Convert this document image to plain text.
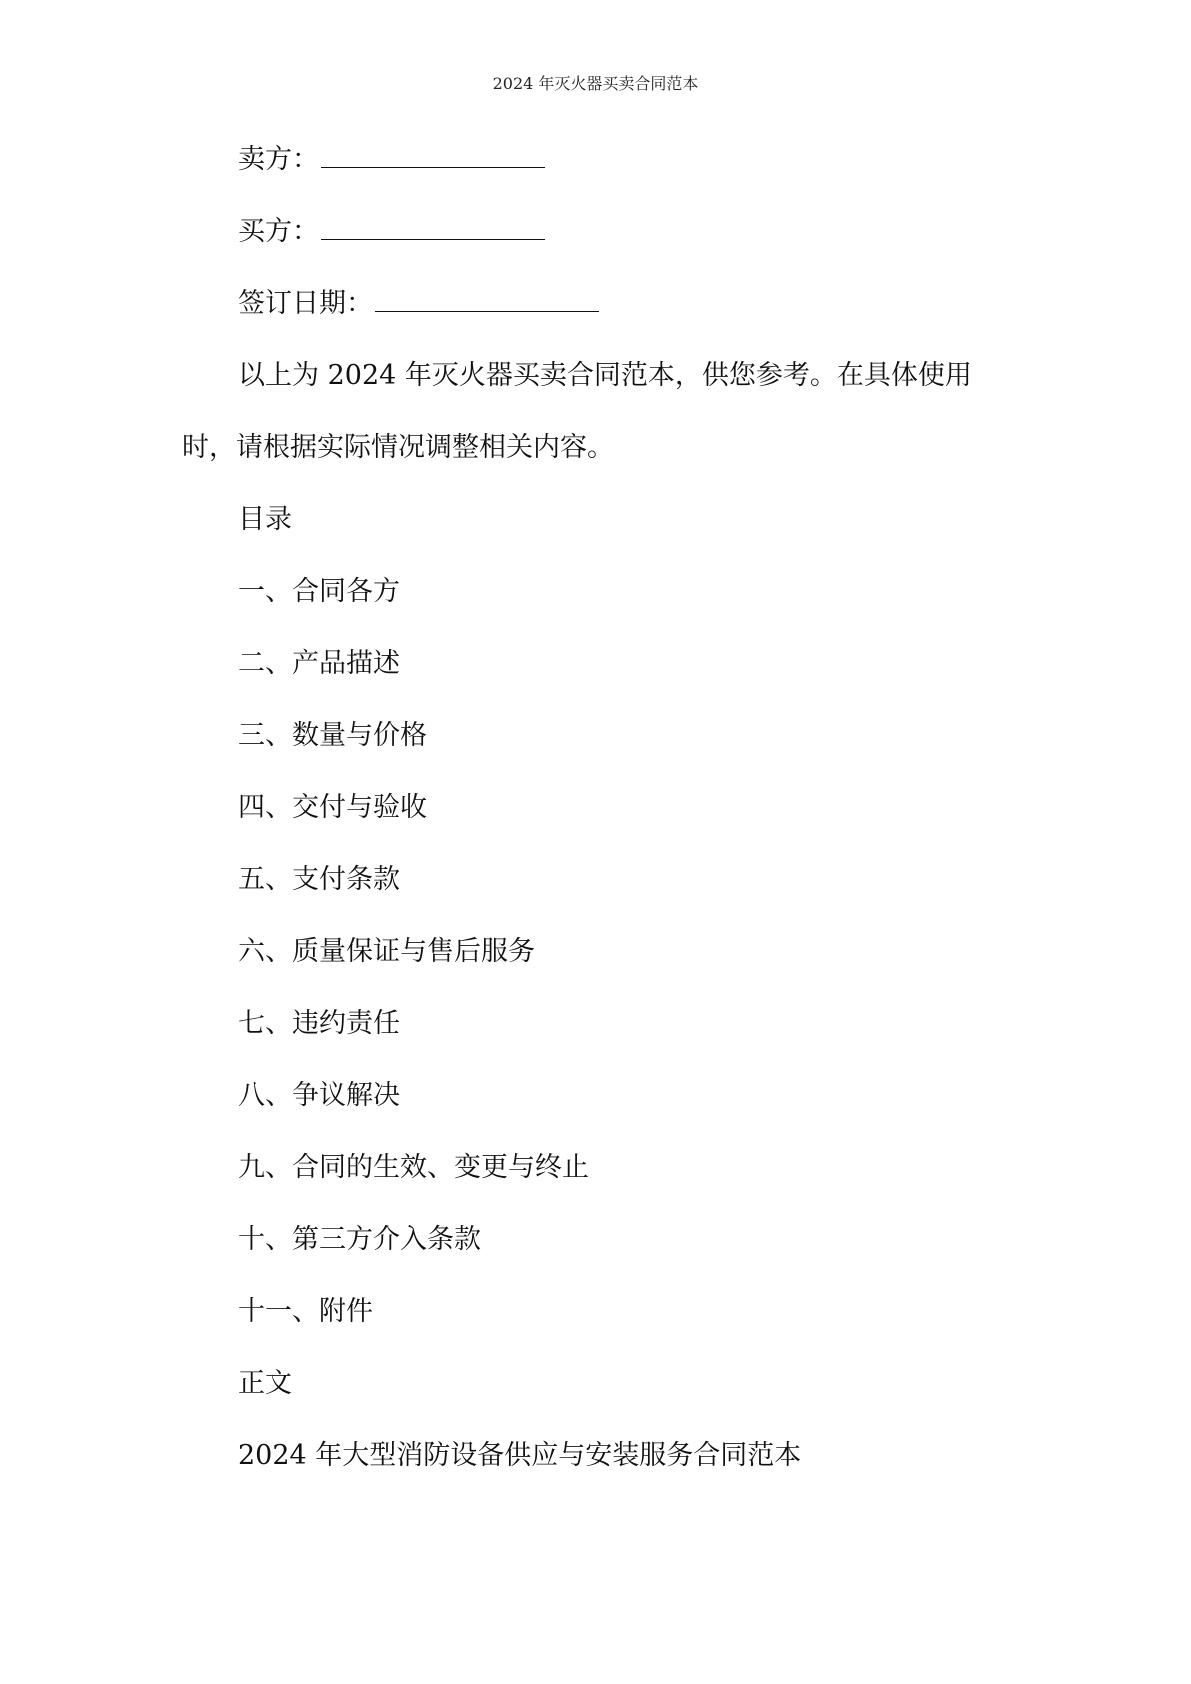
2024 年灭火器买卖合同范本
卖方：
买方：
签订日期：
以上为 2024 年灭火器买卖合同范本，供您参考。在具体使用
时，请根据实际情况调整相关内容。
目录
一、合同各方
二、产品描述
三、数量与价格
四、交付与验收
五、支付条款
六、质量保证与售后服务
七、违约责任
八、争议解决
九、合同的生效、变更与终止
十、第三方介入条款
十一、附件
正文
2024 年大型消防设备供应与安装服务合同范本
